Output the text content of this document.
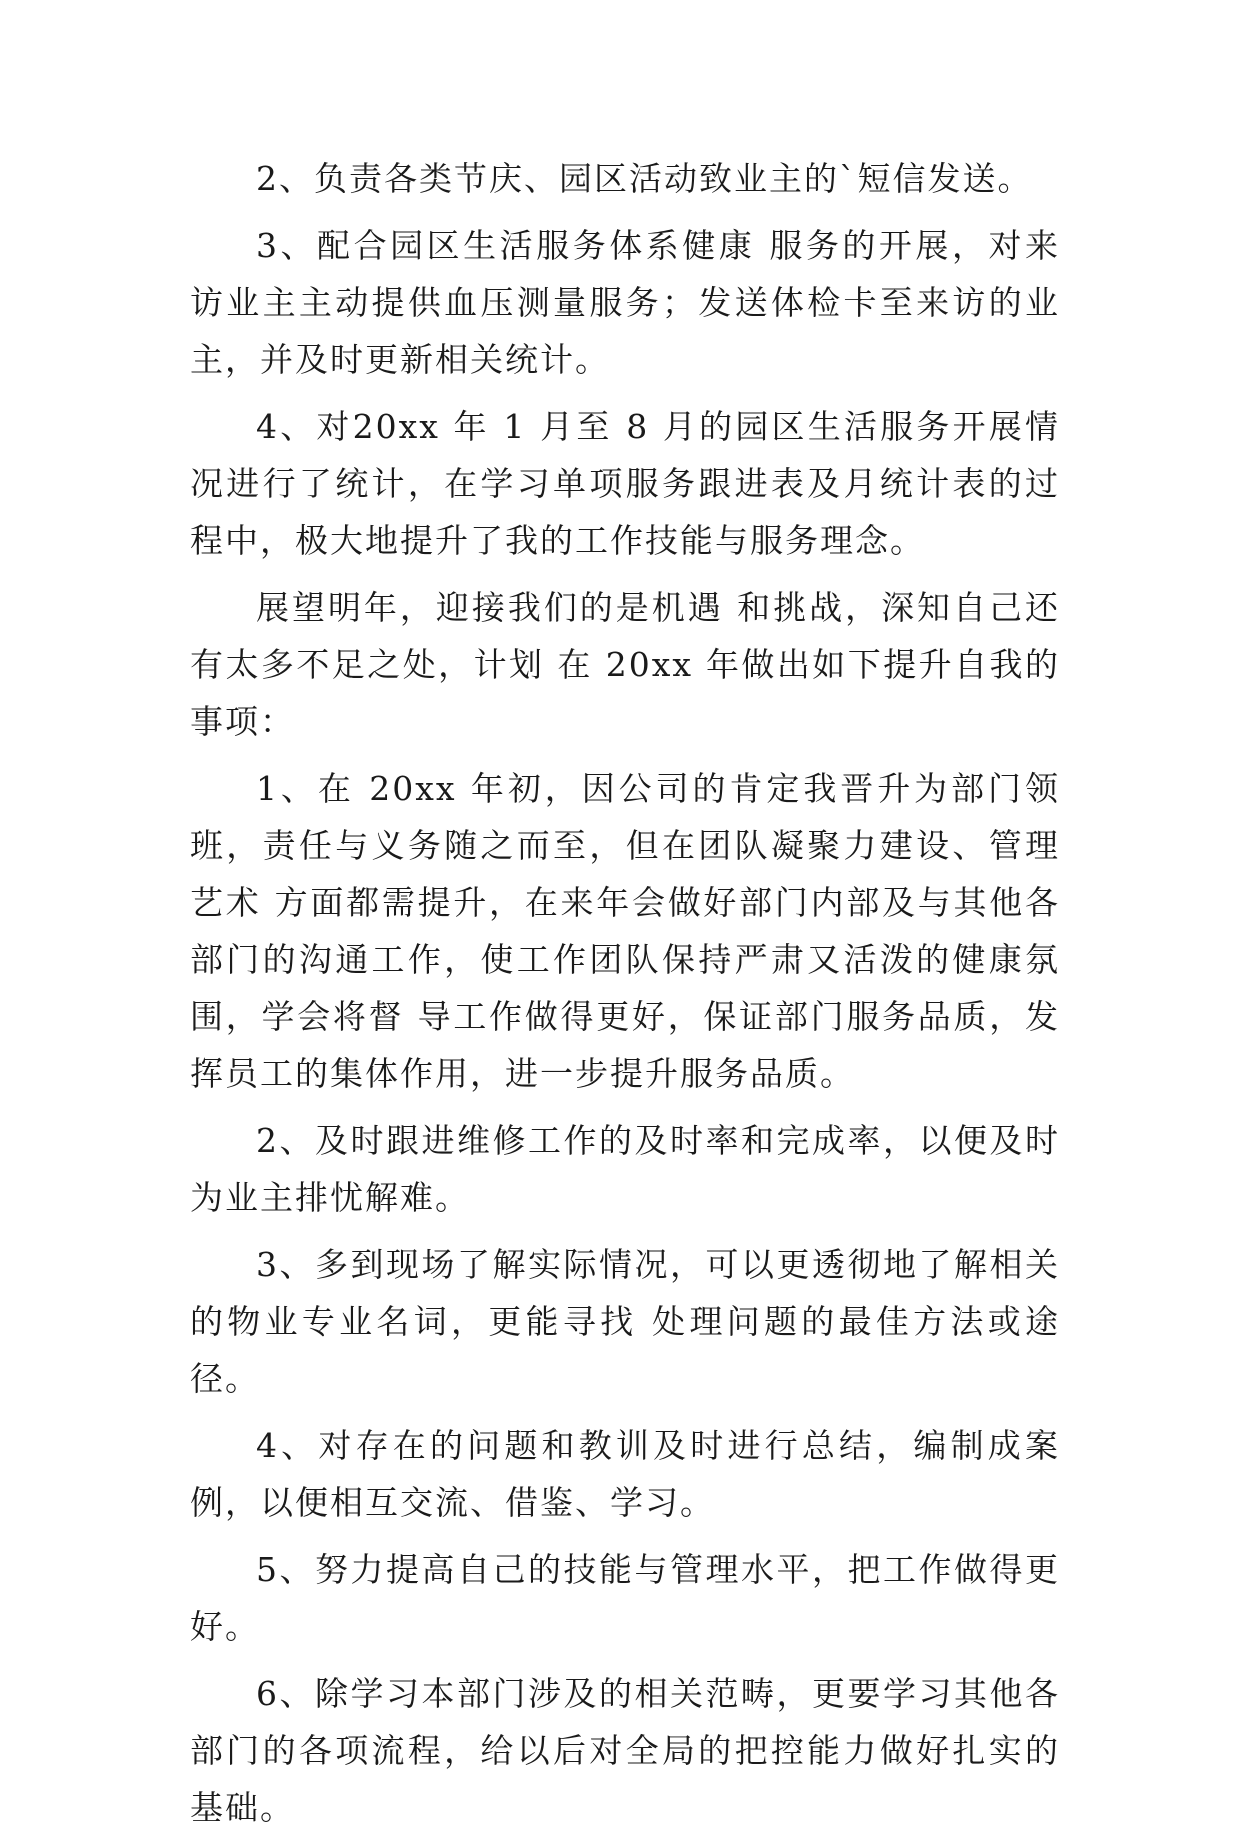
2、负责各类节庆、园区活动致业主的`短信发送。

3、配合园区生活服务体系健康 服务的开展，对来访业主主动提供血压测量服务；发送体检卡至来访的业主，并及时更新相关统计。

4、对20xx 年 1 月至 8 月的园区生活服务开展情况进行了统计，在学习单项服务跟进表及月统计表的过程中，极大地提升了我的工作技能与服务理念。

展望明年，迎接我们的是机遇 和挑战，深知自己还有太多不足之处，计划 在 20xx 年做出如下提升自我的事项：

1、在 20xx 年初，因公司的肯定我晋升为部门领班，责任与义务随之而至，但在团队凝聚力建设、管理艺术 方面都需提升，在来年会做好部门内部及与其他各部门的沟通工作，使工作团队保持严肃又活泼的健康氛围，学会将督 导工作做得更好，保证部门服务品质，发挥员工的集体作用，进一步提升服务品质。

2、及时跟进维修工作的及时率和完成率，以便及时为业主排忧解难。

3、多到现场了解实际情况，可以更透彻地了解相关的物业专业名词，更能寻找 处理问题的最佳方法或途径。

4、对存在的问题和教训及时进行总结，编制成案例，以便相互交流、借鉴、学习。

5、努力提高自己的技能与管理水平，把工作做得更好。

6、除学习本部门涉及的相关范畴，更要学习其他各部门的各项流程，给以后对全局的把控能力做好扎实的基础。
